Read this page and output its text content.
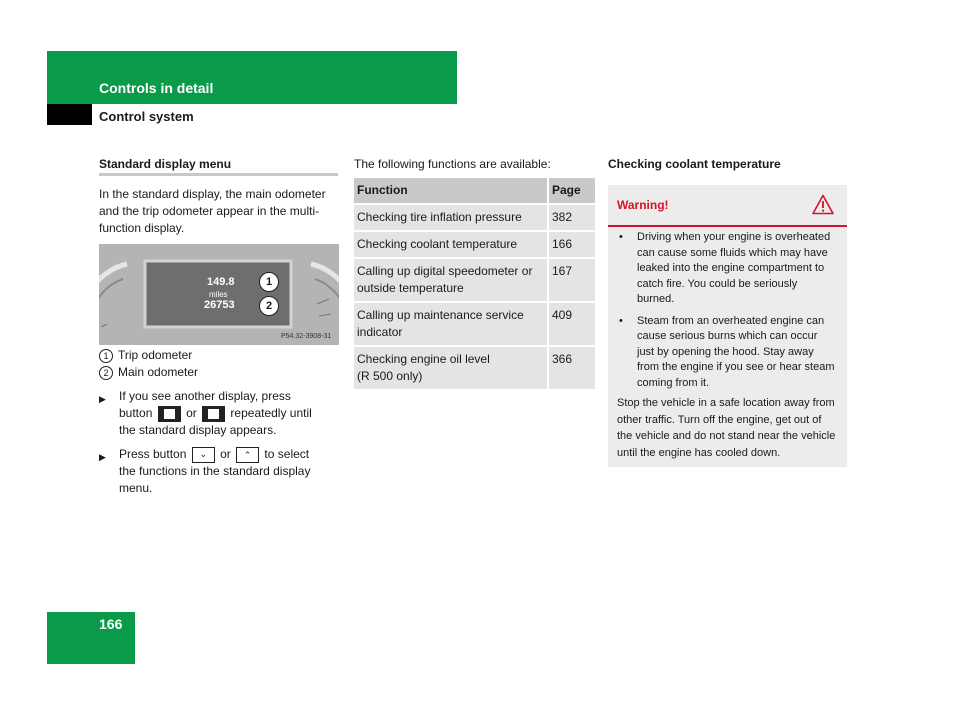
Controls in detail
Control system
Standard display menu
In the standard display, the main odometer
and the trip odometer appear in the multi-
function display.
149.8
miles
26753
1
2
P54.32-3908-31
1 Trip odometer
2 Main odometer
▶ If you see another display, press
button	or	repeatedly until
the standard display appears.
▶ Press button ⌄ or ⌃ to select
the functions in the standard display
menu.
The following functions are available:
Function	Page

Checking tire inflation pressure	382

Checking coolant temperature	166

Calling up digital speedometer or
outside temperature	167

Calling up maintenance service
indicator	409

Checking engine oil level
(R 500 only)	366
Checking coolant temperature
Warning!
• Driving when your engine is overheated
can cause some fluids which may have
leaked into the engine compartment to
catch fire. You could be seriously
burned.
• Steam from an overheated engine can
cause serious burns which can occur
just by opening the hood. Stay away
from the engine if you see or hear steam
coming from it.
Stop the vehicle in a safe location away from
other traffic. Turn off the engine, get out of
the vehicle and do not stand near the vehicle
until the engine has cooled down.
166
